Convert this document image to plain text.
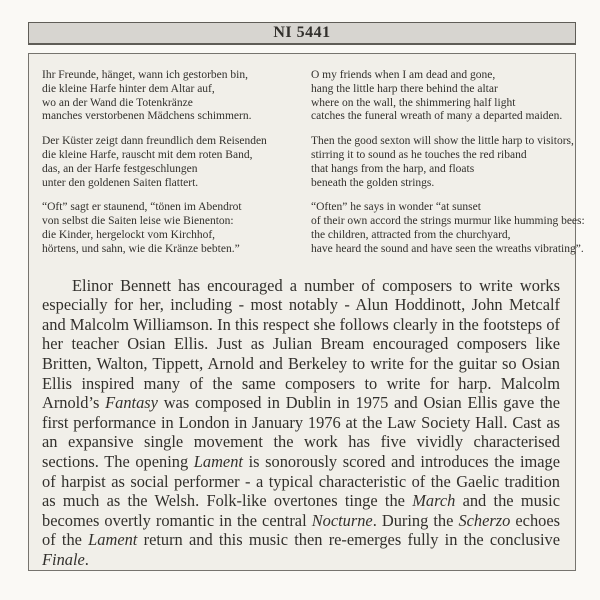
NI 5441
Ihr Freunde, hänget, wann ich gestorben bin,
die kleine Harfe hinter dem Altar auf,
wo an der Wand die Totenkränze
manches verstorbenen Mädchens schimmern.
Der Küster zeigt dann freundlich dem Reisenden
die kleine Harfe, rauscht mit dem roten Band,
das, an der Harfe festgeschlungen
unter den goldenen Saiten flattert.
“Oft” sagt er staunend, “tönen im Abendrot
von selbst die Saiten leise wie Bienenton:
die Kinder, hergelockt vom Kirchhof,
hörtens, und sahn, wie die Kränze bebten.”
O my friends when I am dead and gone,
hang the little harp there behind the altar
where on the wall, the shimmering half light
catches the funeral wreath of many a departed maiden.
Then the good sexton will show the little harp to visitors,
stirring it to sound as he touches the red riband
that hangs from the harp, and floats
beneath the golden strings.
“Often” he says in wonder “at sunset
of their own accord the strings murmur like humming bees:
the children, attracted from the churchyard,
have heard the sound and have seen the wreaths vibrating”.

Elinor Bennett has encouraged a number of composers to write works especially for her, including - most notably - Alun Hoddinott, John Metcalf and Malcolm Williamson. In this respect she follows clearly in the footsteps of her teacher Osian Ellis. Just as Julian Bream encouraged composers like Britten, Walton, Tippett, Arnold and Berkeley to write for the guitar so Osian Ellis inspired many of the same composers to write for harp. Malcolm Arnold’s Fantasy was composed in Dublin in 1975 and Osian Ellis gave the first performance in London in January 1976 at the Law Society Hall. Cast as an expansive single movement the work has five vividly characterised sections. The opening Lament is sonorously scored and introduces the image of harpist as social performer - a typical characteristic of the Gaelic tradition as much as the Welsh. Folk-like overtones tinge the March and the music becomes overtly romantic in the central Nocturne. During the Scherzo echoes of the Lament return and this music then re-emerges fully in the conclusive Finale.
